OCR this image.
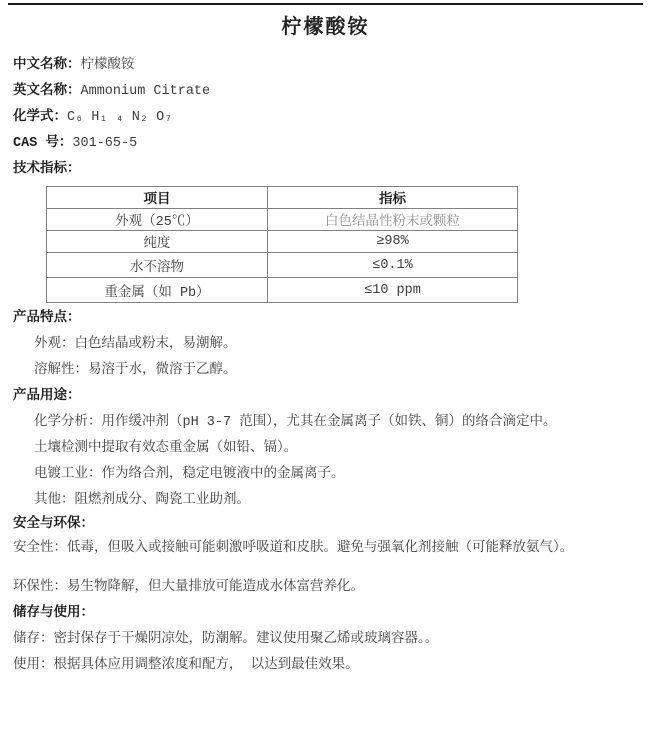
柠檬酸铵
中文名称：柠檬酸铵
英文名称：Ammonium Citrate
化学式：C₆ H₁ ₄ N₂ O₇
CAS 号：301-65-5
技术指标：
项目	指标
外观（25℃）	白色结晶性粉末或颗粒
纯度	≥98%
水不溶物	≤0.1%
重金属（如 Pb）	≤10 ppm

产品特点：

外观：白色结晶或粉末，易潮解。

溶解性：易溶于水，微溶于乙醇。

产品用途：

化学分析：用作缓冲剂（pH 3-7 范围），尤其在金属离子（如铁、铜）的络合滴定中。

土壤检测中提取有效态重金属（如铅、镉）。

电镀工业：作为络合剂，稳定电镀液中的金属离子。

其他：阻燃剂成分、陶瓷工业助剂。

安全与环保：

安全性：低毒，但吸入或接触可能刺激呼吸道和皮肤。避免与强氧化剂接触（可能释放氨气）。

环保性：易生物降解，但大量排放可能造成水体富营养化。

储存与使用：

储存：密封保存于干燥阴凉处，防潮解。建议使用聚乙烯或玻璃容器。。

使用：根据具体应用调整浓度和配方， 以达到最佳效果。
